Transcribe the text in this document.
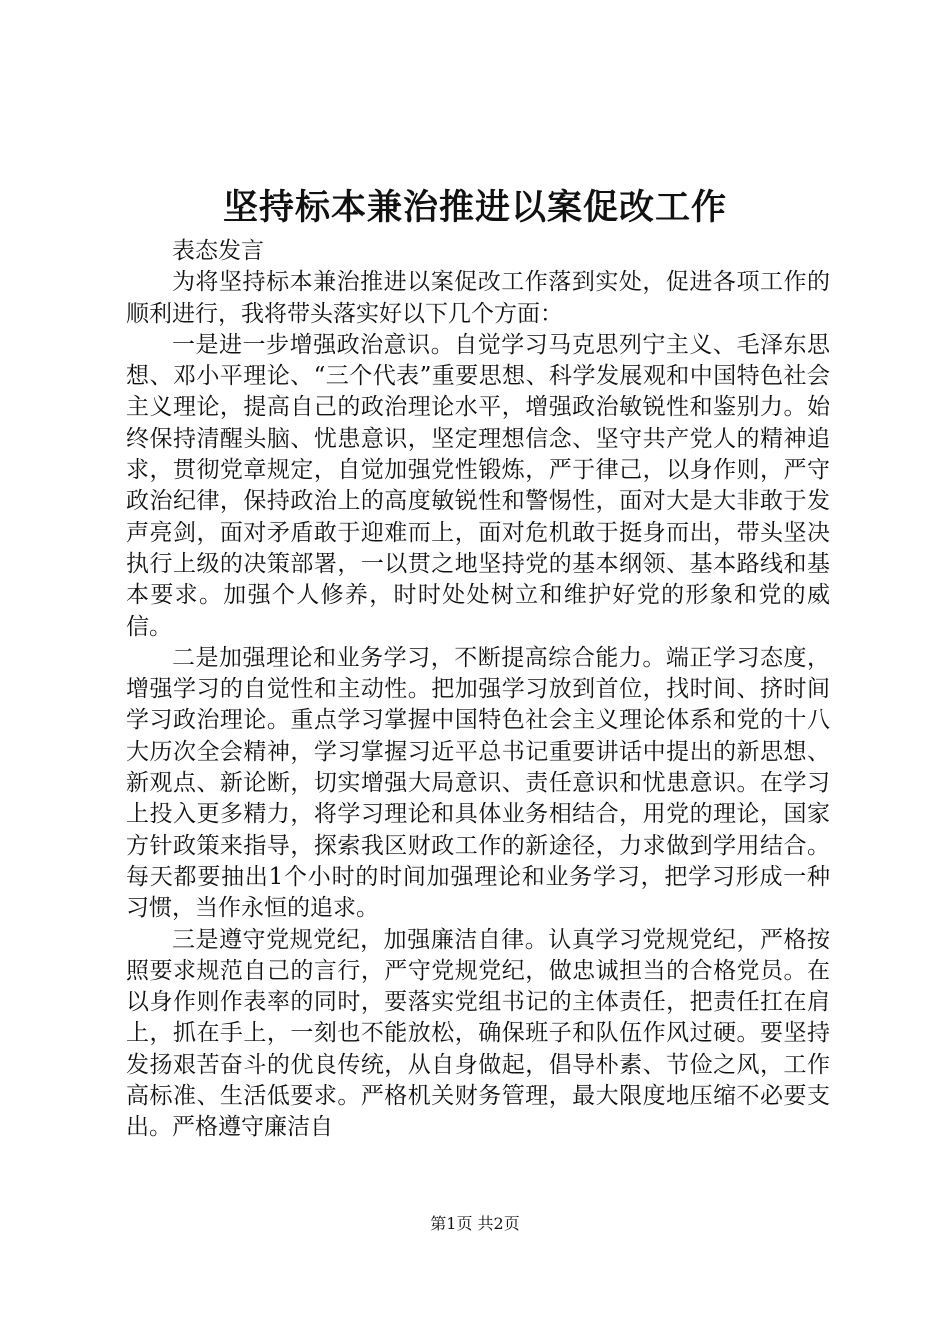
坚持标本兼治推进以案促改工作

表态发言

为将坚持标本兼治推进以案促改工作落到实处，促进各项工作的顺利进行，我将带头落实好以下几个方面：

一是进一步增强政治意识。自觉学习马克思列宁主义、毛泽东思想、邓小平理论、“三个代表”重要思想、科学发展观和中国特色社会主义理论，提高自己的政治理论水平，增强政治敏锐性和鉴别力。始终保持清醒头脑、忧患意识，坚定理想信念、坚守共产党人的精神追求，贯彻党章规定，自觉加强党性锻炼，严于律己，以身作则，严守政治纪律，保持政治上的高度敏锐性和警惕性，面对大是大非敢于发声亮剑，面对矛盾敢于迎难而上，面对危机敢于挺身而出，带头坚决执行上级的决策部署，一以贯之地坚持党的基本纲领、基本路线和基本要求。加强个人修养，时时处处树立和维护好党的形象和党的威信。

二是加强理论和业务学习，不断提高综合能力。端正学习态度，增强学习的自觉性和主动性。把加强学习放到首位，找时间、挤时间学习政治理论。重点学习掌握中国特色社会主义理论体系和党的十八大历次全会精神，学习掌握习近平总书记重要讲话中提出的新思想、新观点、新论断，切实增强大局意识、责任意识和忧患意识。在学习上投入更多精力，将学习理论和具体业务相结合，用党的理论，国家方针政策来指导，探索我区财政工作的新途径，力求做到学用结合。每天都要抽出1个小时的时间加强理论和业务学习，把学习形成一种习惯，当作永恒的追求。

三是遵守党规党纪，加强廉洁自律。认真学习党规党纪，严格按照要求规范自己的言行，严守党规党纪，做忠诚担当的合格党员。在以身作则作表率的同时，要落实党组书记的主体责任，把责任扛在肩上，抓在手上，一刻也不能放松，确保班子和队伍作风过硬。要坚持发扬艰苦奋斗的优良传统，从自身做起，倡导朴素、节俭之风，工作高标准、生活低要求。严格机关财务管理，最大限度地压缩不必要支出。严格遵守廉洁自

第1页 共2页
